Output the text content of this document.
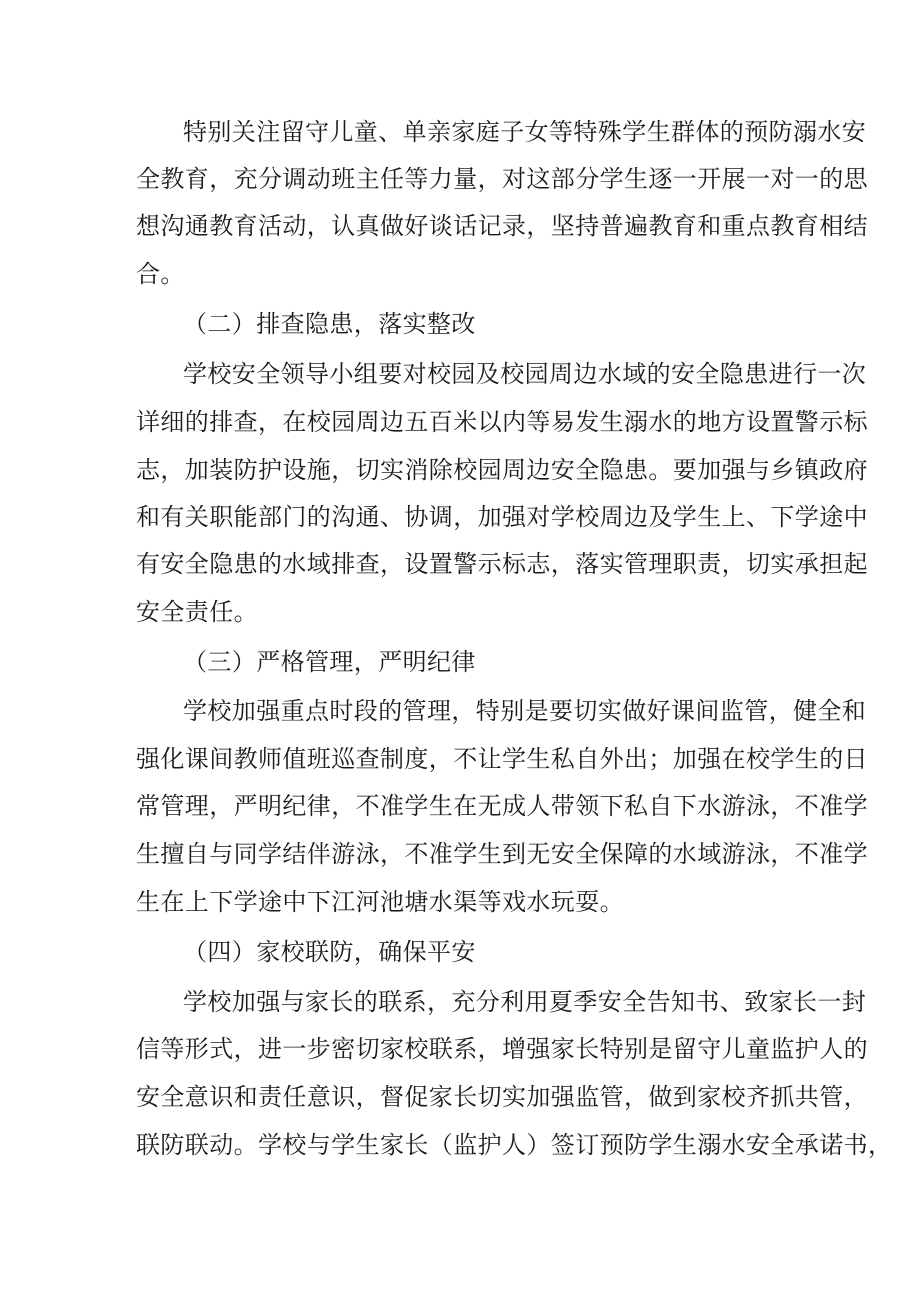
特别关注留守儿童、单亲家庭子女等特殊学生群体的预防溺水安
全教育，充分调动班主任等力量，对这部分学生逐一开展一对一的思
想沟通教育活动，认真做好谈话记录，坚持普遍教育和重点教育相结
合。
（二）排查隐患，落实整改
学校安全领导小组要对校园及校园周边水域的安全隐患进行一次
详细的排查，在校园周边五百米以内等易发生溺水的地方设置警示标
志，加装防护设施，切实消除校园周边安全隐患。要加强与乡镇政府
和有关职能部门的沟通、协调，加强对学校周边及学生上、下学途中
有安全隐患的水域排查，设置警示标志，落实管理职责，切实承担起
安全责任。
（三）严格管理，严明纪律
学校加强重点时段的管理，特别是要切实做好课间监管，健全和
强化课间教师值班巡查制度，不让学生私自外出；加强在校学生的日
常管理，严明纪律，不准学生在无成人带领下私自下水游泳，不准学
生擅自与同学结伴游泳，不准学生到无安全保障的水域游泳，不准学
生在上下学途中下江河池塘水渠等戏水玩耍。
（四）家校联防，确保平安
学校加强与家长的联系，充分利用夏季安全告知书、致家长一封
信等形式，进一步密切家校联系，增强家长特别是留守儿童监护人的
安全意识和责任意识，督促家长切实加强监管，做到家校齐抓共管，
联防联动。学校与学生家长（监护人）签订预防学生溺水安全承诺书，
